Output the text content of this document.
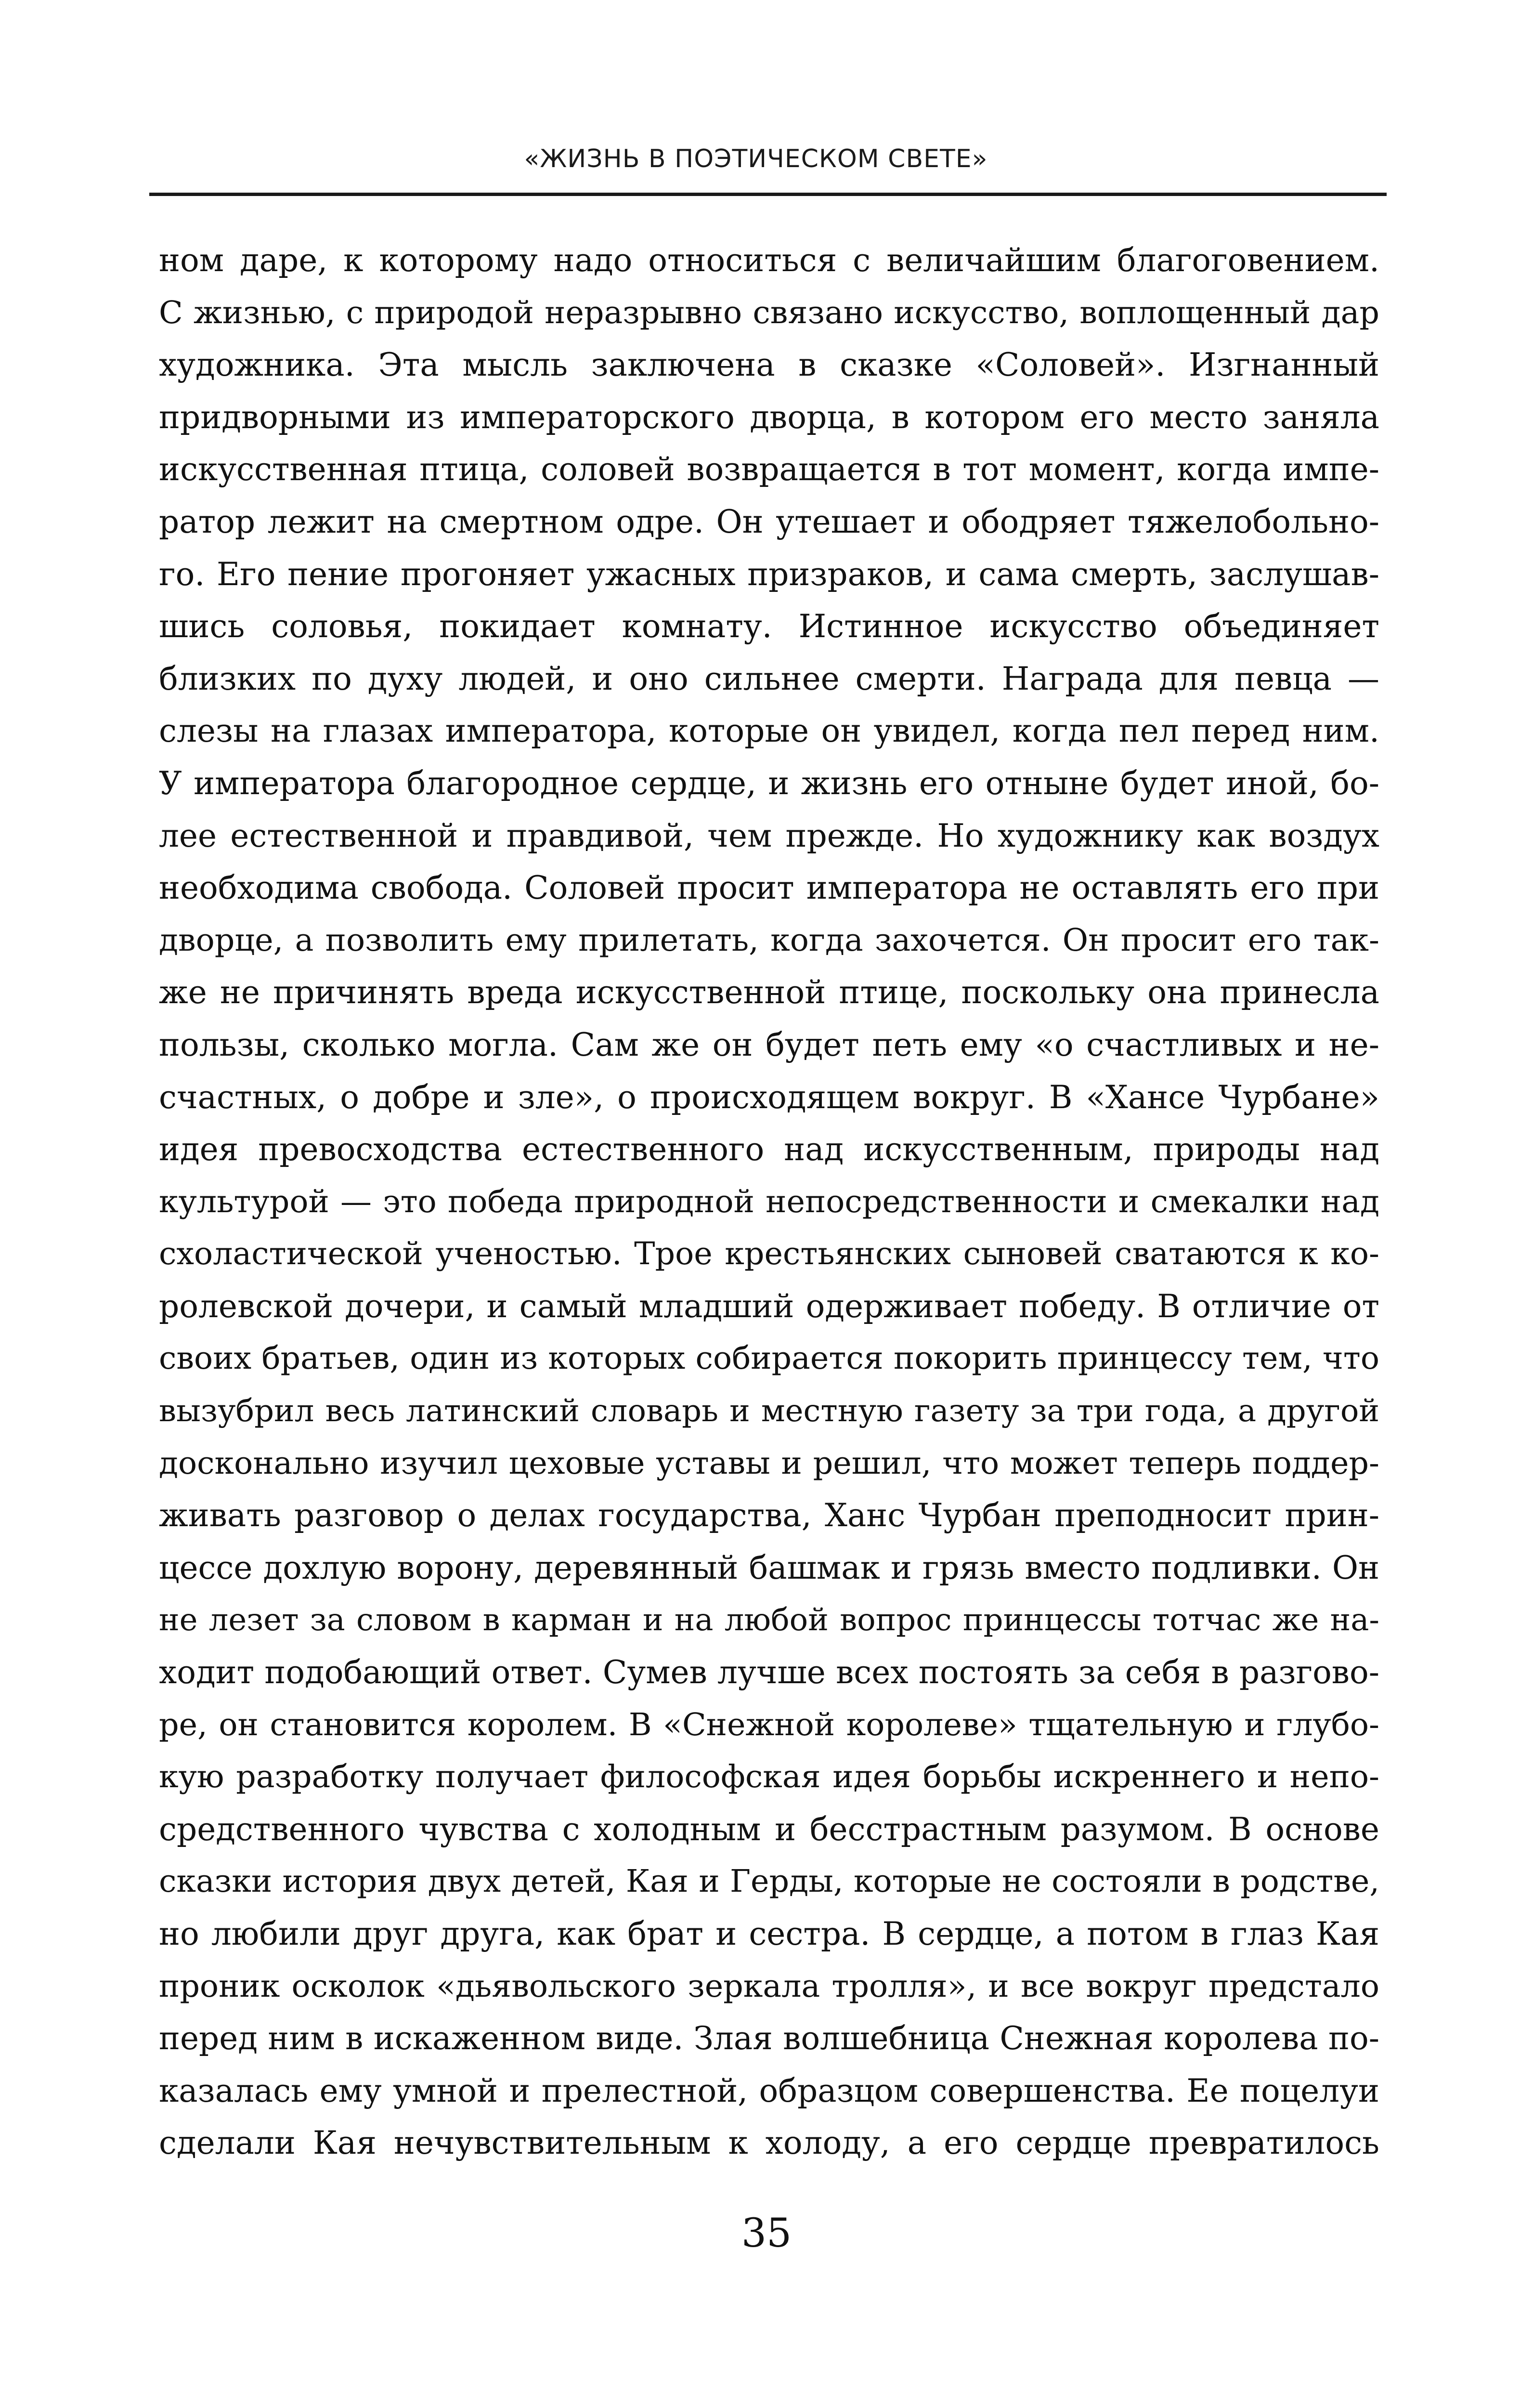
«ЖИЗНЬ В ПОЭТИЧЕСКОМ СВЕТЕ»
ном даре, к которому надо относиться с величайшим благоговением.
С жизнью, с природой неразрывно связано искусство, воплощенный дар
художника. Эта мысль заключена в сказке «Соловей». Изгнанный
придворными из императорского дворца, в котором его место заняла
искусственная птица, соловей возвращается в тот момент, когда импе-
ратор лежит на смертном одре. Он утешает и ободряет тяжелобольно-
го. Его пение прогоняет ужасных призраков, и сама смерть, заслушав-
шись соловья, покидает комнату. Истинное искусство объединяет
близких по духу людей, и оно сильнее смерти. Награда для певца —
слезы на глазах императора, которые он увидел, когда пел перед ним.
У императора благородное сердце, и жизнь его отныне будет иной, бо-
лее естественной и правдивой, чем прежде. Но художнику как воздух
необходима свобода. Соловей просит императора не оставлять его при
дворце, а позволить ему прилетать, когда захочется. Он просит его так-
же не причинять вреда искусственной птице, поскольку она принесла
пользы, сколько могла. Сам же он будет петь ему «о счастливых и не-
счастных, о добре и зле», о происходящем вокруг. В «Хансе Чурбане»
идея превосходства естественного над искусственным, природы над
культурой — это победа природной непосредственности и смекалки над
схоластической ученостью. Трое крестьянских сыновей сватаются к ко-
ролевской дочери, и самый младший одерживает победу. В отличие от
своих братьев, один из которых собирается покорить принцессу тем, что
вызубрил весь латинский словарь и местную газету за три года, а другой
досконально изучил цеховые уставы и решил, что может теперь поддер-
живать разговор о делах государства, Ханс Чурбан преподносит прин-
цессе дохлую ворону, деревянный башмак и грязь вместо подливки. Он
не лезет за словом в карман и на любой вопрос принцессы тотчас же на-
ходит подобающий ответ. Сумев лучше всех постоять за себя в разгово-
ре, он становится королем. В «Снежной королеве» тщательную и глубо-
кую разработку получает философская идея борьбы искреннего и непо-
средственного чувства с холодным и бесстрастным разумом. В основе
сказки история двух детей, Кая и Герды, которые не состояли в родстве,
но любили друг друга, как брат и сестра. В сердце, а потом в глаз Кая
проник осколок «дьявольского зеркала тролля», и все вокруг предстало
перед ним в искаженном виде. Злая волшебница Снежная королева по-
казалась ему умной и прелестной, образцом совершенства. Ее поцелуи
сделали Кая нечувствительным к холоду, а его сердце превратилось
35
